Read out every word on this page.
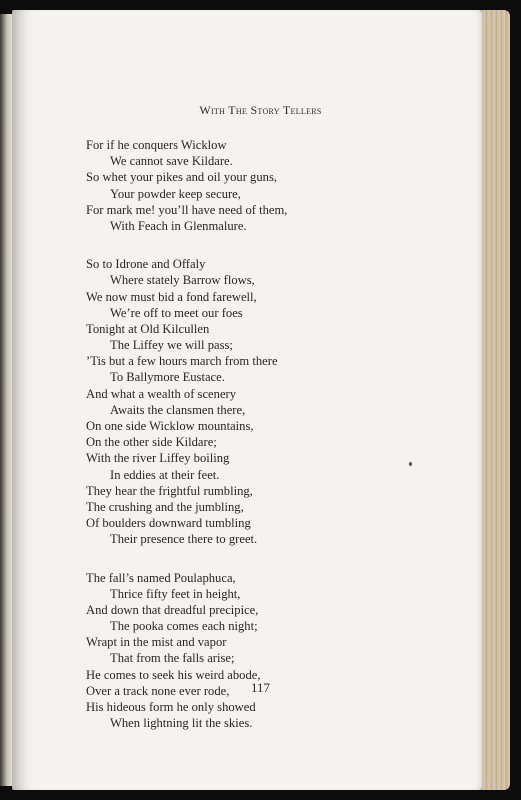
With The Story Tellers
For if he conquers Wicklow
We cannot save Kildare.
So whet your pikes and oil your guns,
Your powder keep secure,
For mark me! you’ll have need of them,
With Feach in Glenmalure.
So to Idrone and Offaly
Where stately Barrow flows,
We now must bid a fond farewell,
We’re off to meet our foes
Tonight at Old Kilcullen
The Liffey we will pass;
’Tis but a few hours march from there
To Ballymore Eustace.
And what a wealth of scenery
Awaits the clansmen there,
On one side Wicklow mountains,
On the other side Kildare;
With the river Liffey boiling
In eddies at their feet.
They hear the frightful rumbling,
The crushing and the jumbling,
Of boulders downward tumbling
Their presence there to greet.
The fall’s named Poulaphuca,
Thrice fifty feet in height,
And down that dreadful precipice,
The pooka comes each night;
Wrapt in the mist and vapor
That from the falls arise;
He comes to seek his weird abode,
Over a track none ever rode,
His hideous form he only showed
When lightning lit the skies.
117
